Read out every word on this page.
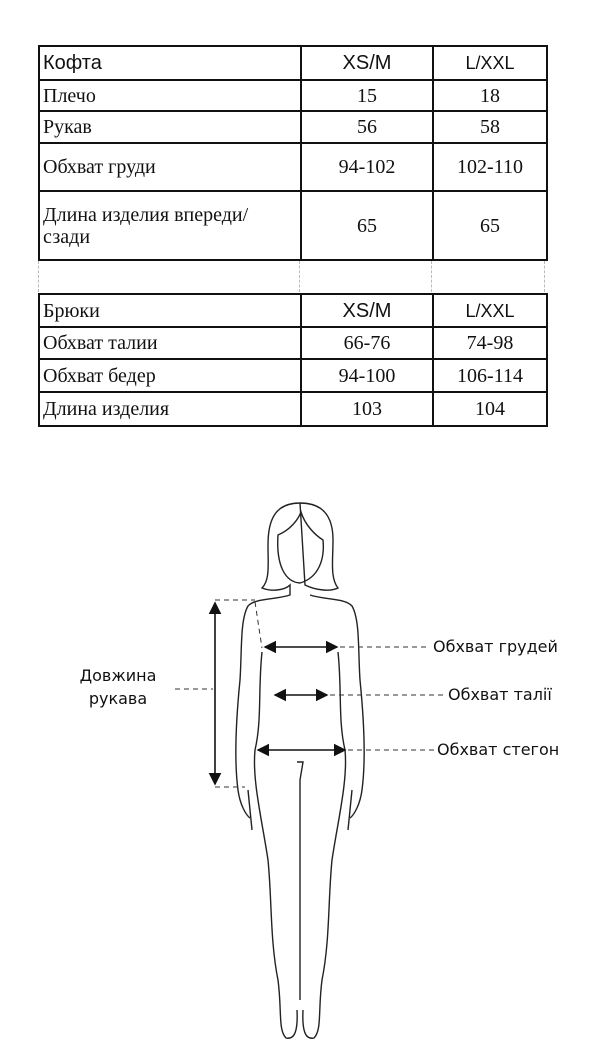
Кофта	XS/M	L/XXL
Плечо	15	18
Рукав	56	58
Обхват груди	94-102	102-110
Длина изделия впереди/ сзади	65	65
Брюки	XS/M	L/XXL
Обхват талии	66-76	74-98
Обхват бедер	94-100	106-114
Длина изделия	103	104
Довжина
рукава
Обхват грудей
Обхват талії
Обхват стегон
